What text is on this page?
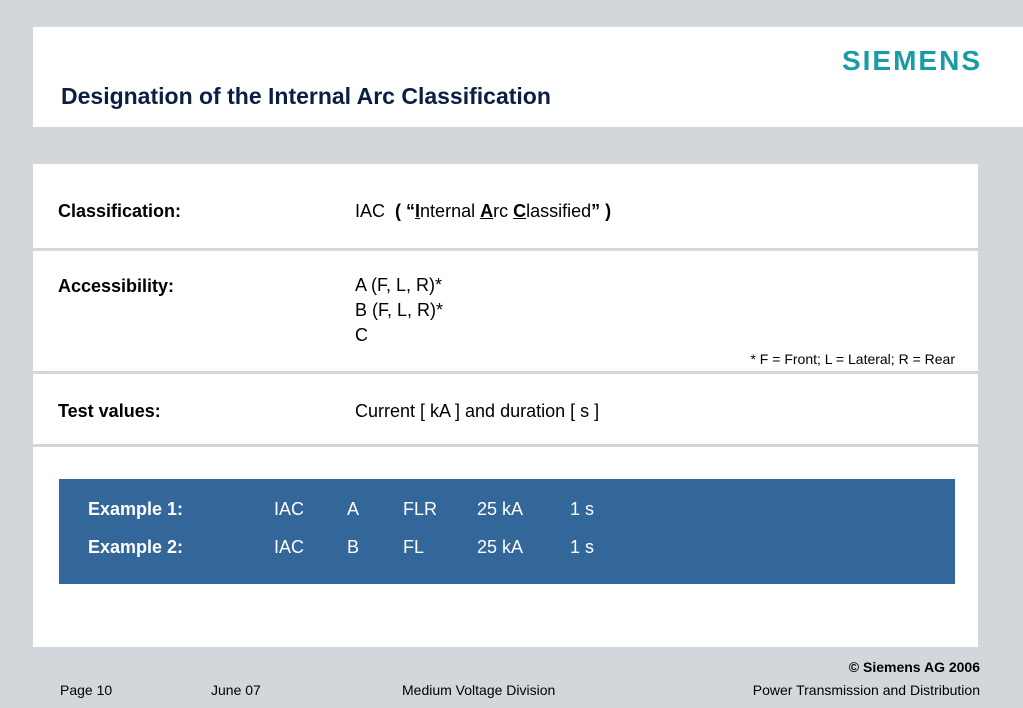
Designation of the Internal Arc Classification
SIEMENS
Classification:	IAC ( “Internal Arc Classified” )
Accessibility:	A (F, L, R)*
B (F, L, R)*
C
* F = Front; L = Lateral; R = Rear
Test values:	Current [ kA ] and duration [ s ]
Example 1:	IAC A FLR 25 kA	1 s
Example 2:	IAC B FL	25 kA	1 s
© Siemens AG 2006
Page 10	June 07	Medium Voltage Division	Power Transmission and Distribution
